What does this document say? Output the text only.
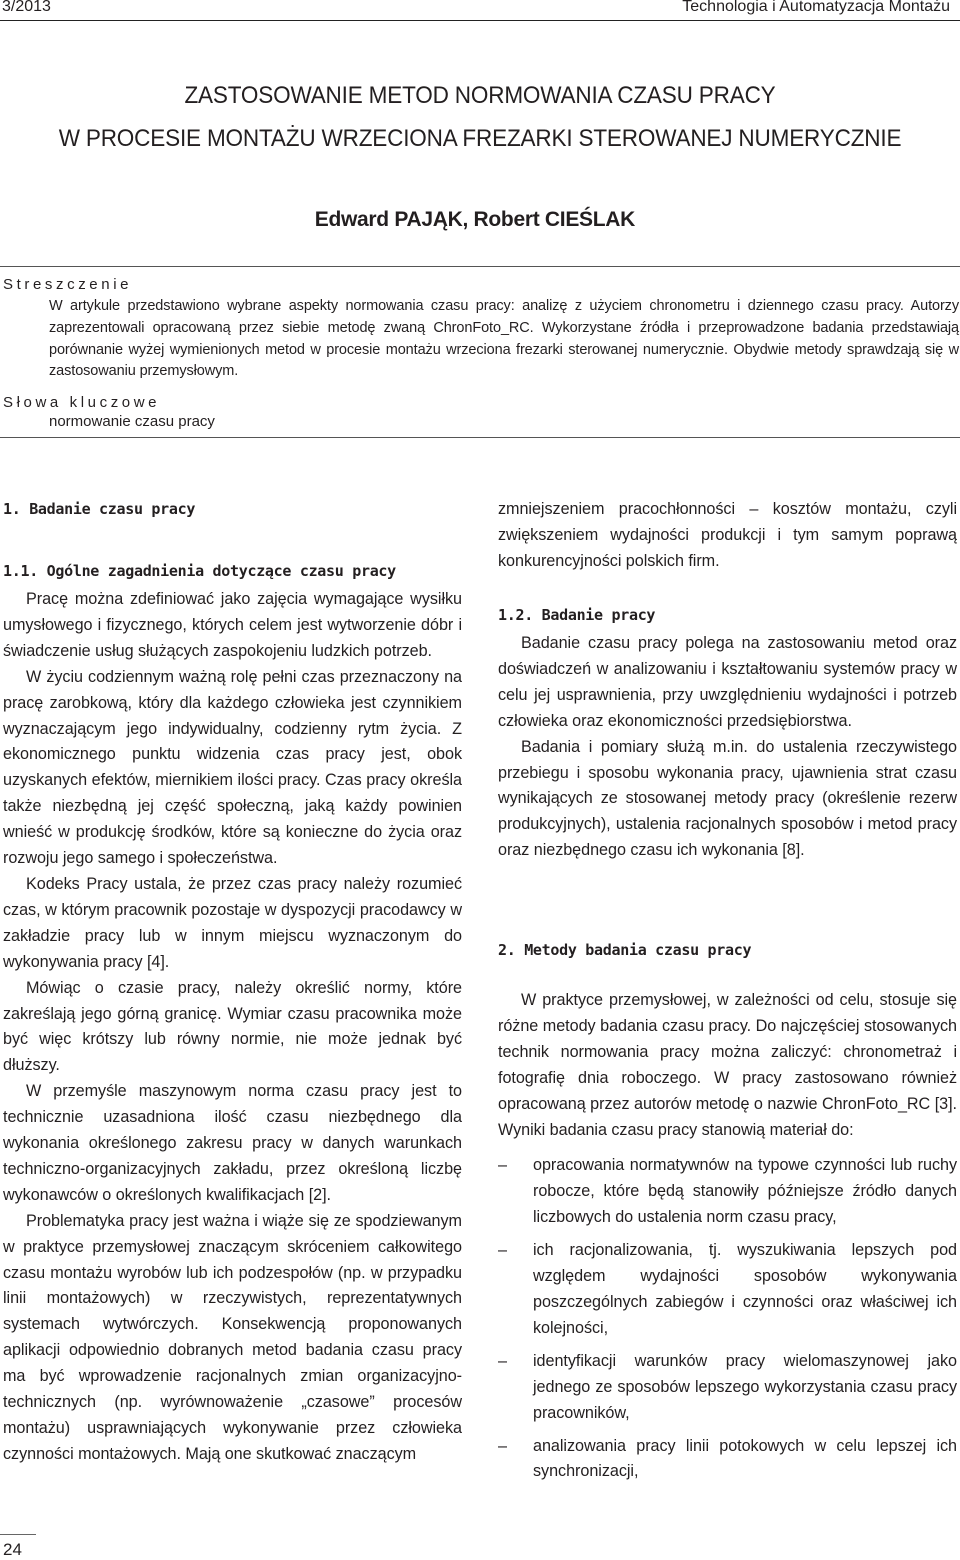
3/2013	Technologia i Automatyzacja Montażu
ZASTOSOWANIE METOD NORMOWANIA CZASU PRACY
W PROCESIE MONTAŻU WRZECIONA FREZARKI STEROWANEJ NUMERYCZNIE
Edward PAJĄK, Robert CIEŚLAK
Streszczenie
W artykule przedstawiono wybrane aspekty normowania czasu pracy: analizę z użyciem chronometru i dziennego czasu pracy. Autorzy zaprezentowali opracowaną przez siebie metodę zwaną ChronFoto_RC. Wykorzystane źródła i przeprowadzone badania przedstawiają porównanie wyżej wymienionych metod w procesie montażu wrzeciona frezarki sterowanej numerycznie. Obydwie metody sprawdzają się w zastosowaniu przemysłowym.
Słowa kluczowe
normowanie czasu pracy
1. Badanie czasu pracy
1.1. Ogólne zagadnienia dotyczące czasu pracy

Pracę można zdefiniować jako zajęcia wymagające wysiłku umysłowego i fizycznego, których celem jest wytworzenie dóbr i świadczenie usług służących zaspokojeniu ludzkich potrzeb.

W życiu codziennym ważną rolę pełni czas przeznaczony na pracę zarobkową, który dla każdego człowieka jest czynnikiem wyznaczającym jego indywidualny, codzienny rytm życia. Z ekonomicznego punktu widzenia czas pracy jest, obok uzyskanych efektów, miernikiem ilości pracy. Czas pracy określa także niezbędną jej część społeczną, jaką każdy powinien wnieść w produkcję środków, które są konieczne do życia oraz rozwoju jego samego i społeczeństwa.

Kodeks Pracy ustala, że przez czas pracy należy rozumieć czas, w którym pracownik pozostaje w dyspozycji pracodawcy w zakładzie pracy lub w innym miejscu wyznaczonym do wykonywania pracy [4].

Mówiąc o czasie pracy, należy określić normy, które zakreślają jego górną granicę. Wymiar czasu pracownika może być więc krótszy lub równy normie, nie może jednak być dłuższy.

W przemyśle maszynowym norma czasu pracy jest to technicznie uzasadniona ilość czasu niezbędnego dla wykonania określonego zakresu pracy w danych warunkach techniczno-organizacyjnych zakładu, przez określoną liczbę wykonawców o określonych kwalifikacjach [2].

Problematyka pracy jest ważna i wiąże się ze spodziewanym w praktyce przemysłowej znaczącym skróceniem całkowitego czasu montażu wyrobów lub ich podzespołów (np. w przypadku linii montażowych) w rzeczywistych, reprezentatywnych systemach wytwórczych. Konsekwencją proponowanych aplikacji odpowiednio dobranych metod badania czasu pracy ma być wprowadzenie racjonalnych zmian organizacyjno-technicznych (np. wyrównoważenie „czasowe” procesów montażu) usprawniających wykonywanie przez człowieka czynności montażowych. Mają one skutkować znaczącym

zmniejszeniem pracochłonności – kosztów montażu, czyli zwiększeniem wydajności produkcji i tym samym poprawą konkurencyjności polskich firm.

1.2. Badanie pracy

Badanie czasu pracy polega na zastosowaniu metod oraz doświadczeń w analizowaniu i kształtowaniu systemów pracy w celu jej usprawnienia, przy uwzględnieniu wydajności i potrzeb człowieka oraz ekonomiczności przedsiębiorstwa.

Badania i pomiary służą m.in. do ustalenia rzeczywistego przebiegu i sposobu wykonania pracy, ujawnienia strat czasu wynikających ze stosowanej metody pracy (określenie rezerw produkcyjnych), ustalenia racjonalnych sposobów i metod pracy oraz niezbędnego czasu ich wykonania [8].

2. Metody badania czasu pracy

W praktyce przemysłowej, w zależności od celu, stosuje się różne metody badania czasu pracy. Do najczęściej stosowanych technik normowania pracy można zaliczyć: chronometraż i fotografię dnia roboczego. W pracy zastosowano również opracowaną przez autorów metodę o nazwie ChronFoto_RC [3]. Wyniki badania czasu pracy stanowią materiał do:

– opracowania normatywnów na typowe czynności lub ruchy robocze, które będą stanowiły późniejsze źródło danych liczbowych do ustalenia norm czasu pracy,
– ich racjonalizowania, tj. wyszukiwania lepszych pod względem wydajności sposobów wykonywania poszczególnych zabiegów i czynności oraz właściwej ich kolejności,
– identyfikacji warunków pracy wielomaszynowej jako jednego ze sposobów lepszego wykorzystania czasu pracy pracowników,
– analizowania pracy linii potokowych w celu lepszej ich synchronizacji,
24
